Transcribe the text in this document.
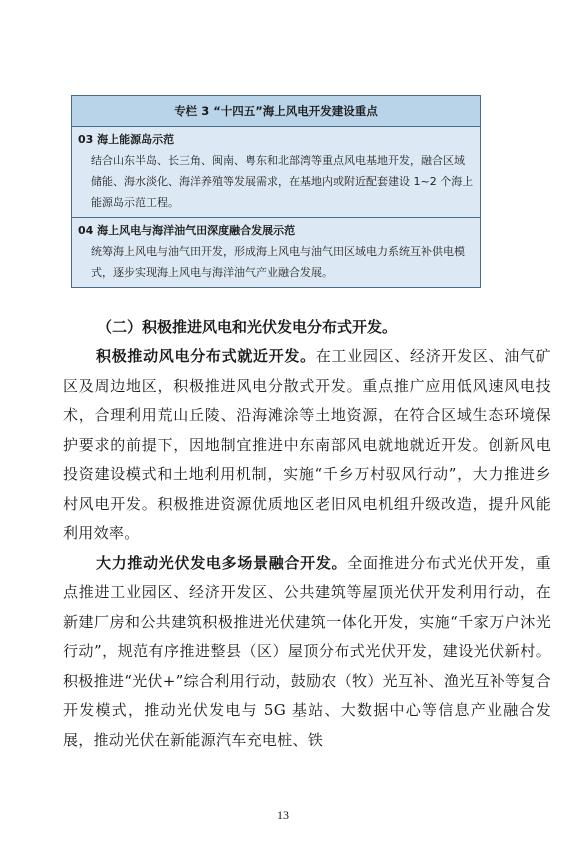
专栏 3 “十四五”海上风电开发建设重点
03 海上能源岛示范

结合山东半岛、长三角、闽南、粤东和北部湾等重点风电基地开发，融合区域储能、海水淡化、海洋养殖等发展需求，在基地内或附近配套建设 1~2 个海上能源岛示范工程。

04 海上风电与海洋油气田深度融合发展示范

统筹海上风电与油气田开发，形成海上风电与油气田区域电力系统互补供电模式，逐步实现海上风电与海洋油气产业融合发展。

（二）积极推进风电和光伏发电分布式开发。

积极推动风电分布式就近开发。在工业园区、经济开发区、油气矿区及周边地区，积极推进风电分散式开发。重点推广应用低风速风电技术，合理利用荒山丘陵、沿海滩涂等土地资源，在符合区域生态环境保护要求的前提下，因地制宜推进中东南部风电就地就近开发。创新风电投资建设模式和土地利用机制，实施“千乡万村驭风行动”，大力推进乡村风电开发。积极推进资源优质地区老旧风电机组升级改造，提升风能利用效率。

大力推动光伏发电多场景融合开发。全面推进分布式光伏开发，重点推进工业园区、经济开发区、公共建筑等屋顶光伏开发利用行动，在新建厂房和公共建筑积极推进光伏建筑一体化开发，实施“千家万户沐光行动”，规范有序推进整县（区）屋顶分布式光伏开发，建设光伏新村。积极推进“光伏+”综合利用行动，鼓励农（牧）光互补、渔光互补等复合开发模式，推动光伏发电与 5G 基站、大数据中心等信息产业融合发展，推动光伏在新能源汽车充电桩、铁

13
